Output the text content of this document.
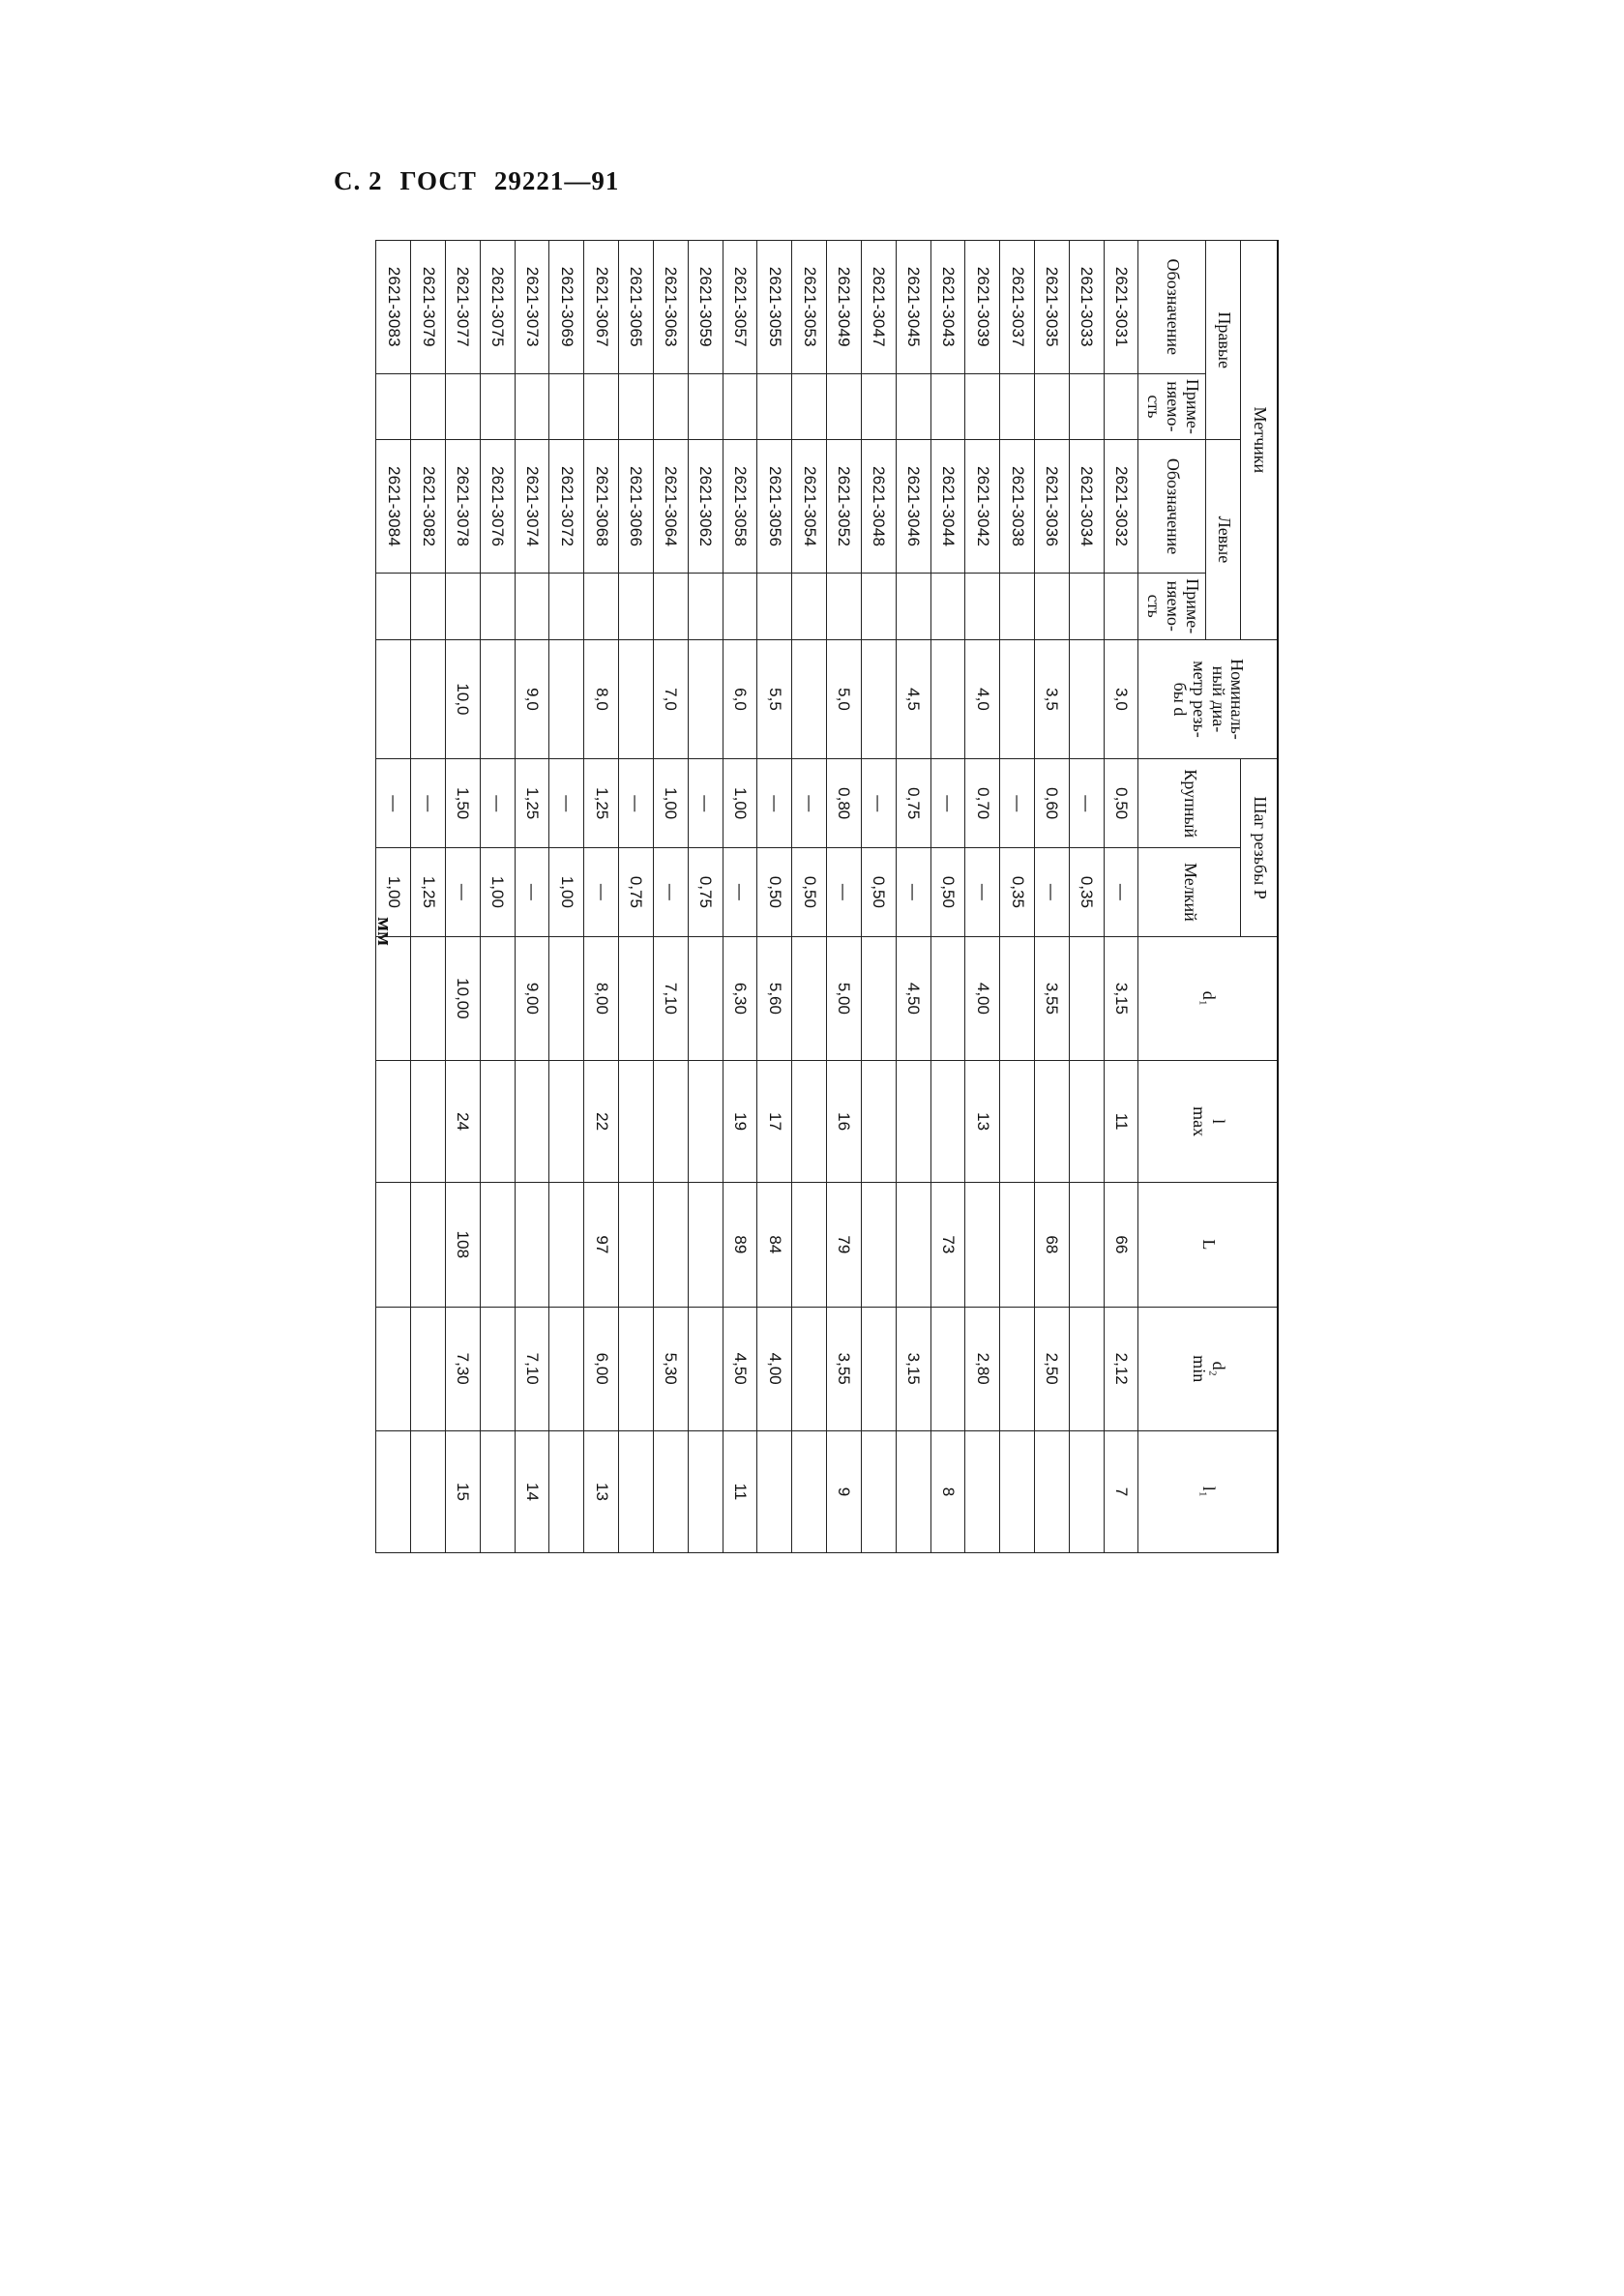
С. 2 ГОСТ 29221—91
мм
Метчики				Номиналь-
ный диа-
метр резь-
бы d	Шаг резьбы P		d₁	l
max	L	d₂
min	l₁
Правые		Левые			Крупный	Мелкий					
Обозначение	Приме-
няемо-
сть	Обозначение	Приме-
няемо-
сть								
2621-3031		2621-3032		3,0	0,50	—	3,15	11	66	2,12	7
2621-3033		2621-3034			—	0,35					
2621-3035		2621-3036		3,5	0,60	—	3,55		68	2,50	
2621-3037		2621-3038			—	0,35					
2621-3039		2621-3042		4,0	0,70	—	4,00	13		2,80	
2621-3043		2621-3044			—	0,50			73		8
2621-3045		2621-3046		4,5	0,75	—	4,50			3,15	
2621-3047		2621-3048			—	0,50					
2621-3049		2621-3052		5,0	0,80	—	5,00	16	79	3,55	9
2621-3053		2621-3054			—	0,50					
2621-3055		2621-3056		5,5	—	0,50	5,60	17	84	4,00	
2621-3057		2621-3058		6,0	1,00	—	6,30	19	89	4,50	11
2621-3059		2621-3062			—	0,75					
2621-3063		2621-3064		7,0	1,00	—	7,10			5,30	
2621-3065		2621-3066			—	0,75					
2621-3067		2621-3068		8,0	1,25	—	8,00	22	97	6,00	13
2621-3069		2621-3072			—	1,00					
2621-3073		2621-3074		9,0	1,25	—	9,00			7,10	14
2621-3075		2621-3076			—	1,00					
2621-3077		2621-3078		10,0	1,50	—	10,00	24	108	7,30	15
2621-3079		2621-3082			—	1,25					
2621-3083		2621-3084			—	1,00					
